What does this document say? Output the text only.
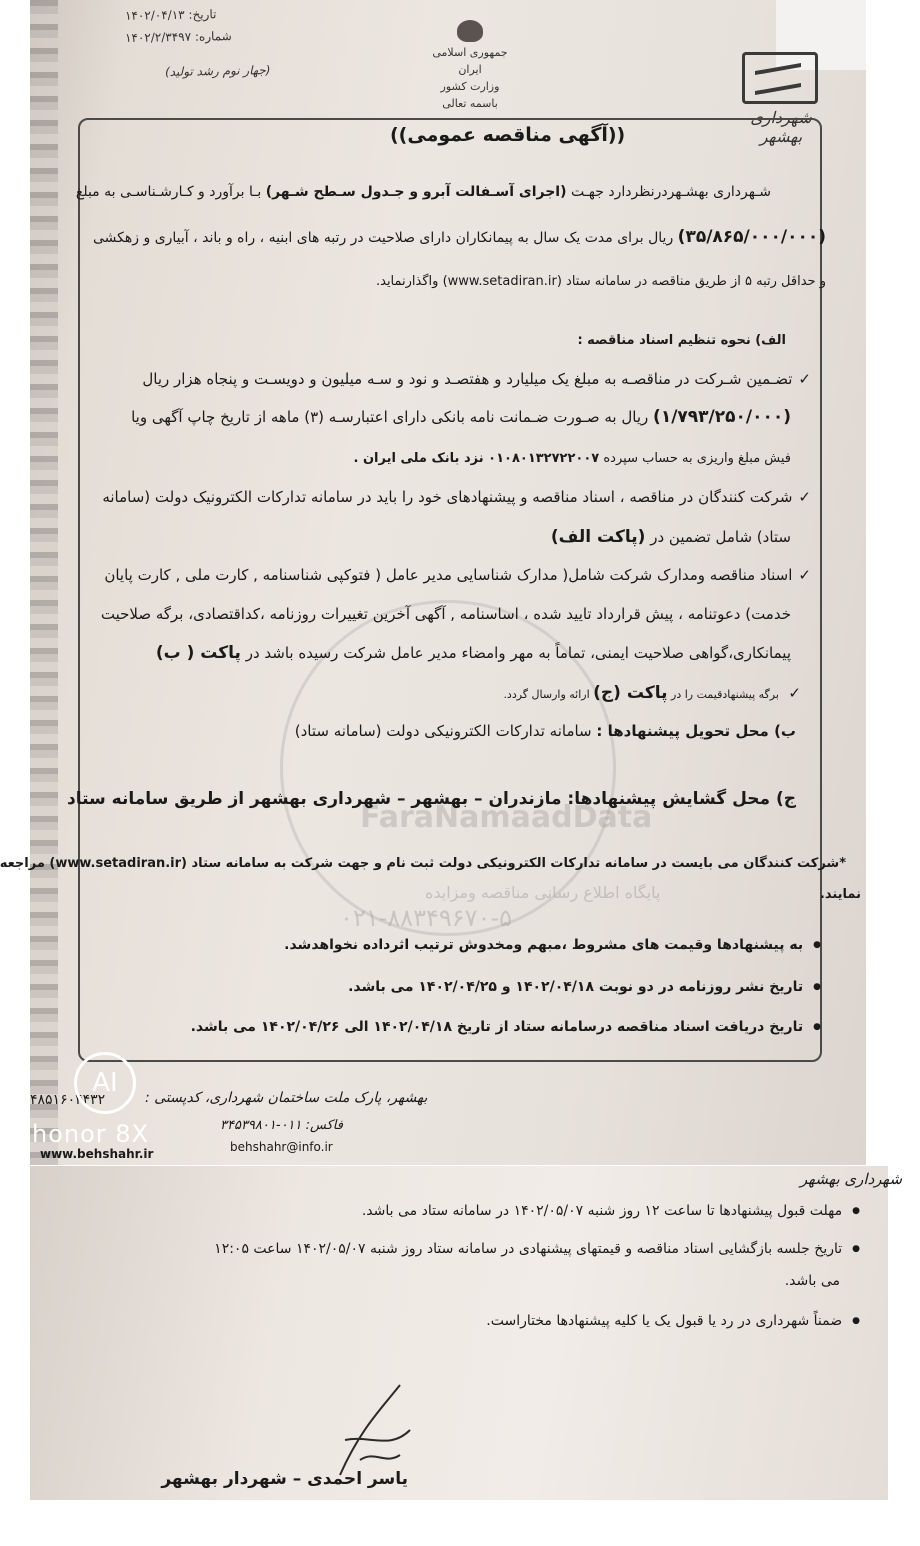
تاریخ: ۱۴۰۲/۰۴/۱۳
شماره: ۱۴۰۲/۲/۳۴۹۷
(جهار نوم رشد تولید)
جمهوری اسلامی ایران
وزارت کشور
باسمه تعالی
شهرداری بهشهر
FaraNamaadData
پایگاه اطلاع رسانی مناقصه ومزایده
۰۲۱-۸۸۳۴۹۶۷۰-۵
((آگهی مناقصه عمومی))
شـهرداری بهشـهردرنظردارد جهـت (اجرای آسـفالت آبرو و جـدول سـطح شـهر) بـا برآورد و کـارشـناسـی به مبلغ
(۳۵/۸۶۵/۰۰۰/۰۰۰) ریال برای مدت یک سال به پیمانکاران دارای صلاحیت در رتبه های ابنیه ، راه و باند ، آبیاری و زهکشی
و حداقل رتبه ۵ از طریق مناقصه در سامانه ستاد (www.setadiran.ir) واگذارنماید.
الف) نحوه تنظیم اسناد مناقصه :
✓ تضـمین شـرکت در مناقصـه به مبلغ یک میلیارد و هفتصـد و نود و سـه میلیون و دویسـت و پنجاه هزار ریال
(۱/۷۹۳/۲۵۰/۰۰۰) ریال به صـورت ضـمانت نامه بانکی دارای اعتبارسـه (۳) ماهه از تاریخ چاپ آگهی ویا
فیش مبلغ واریزی به حساب سپرده ۰۱۰۸۰۱۳۲۷۲۲۰۰۷ نزد بانک ملی ایران .
✓ شرکت کنندگان در مناقصه ، اسناد مناقصه و پیشنهادهای خود را باید در سامانه تدارکات الکترونیک دولت (سامانه
ستاد) شامل تضمین در (پاکت الف)
✓ اسناد مناقصه ومدارک شرکت شامل( مدارک شناسایی مدیر عامل ( فتوکپی شناسنامه , کارت ملی , کارت پایان
خدمت) دعوتنامه ، پیش قرارداد تایید شده ، اساسنامه , آگهی آخرین تغییرات روزنامه ،کداقتصادی، برگه صلاحیت
پیمانکاری،گواهی صلاحیت ایمنی، تماماً به مهر وامضاء مدیر عامل شرکت رسیده باشد در پاکت ( ب)
✓ برگه پیشنهادقیمت را در پاکت (ج) ارائه وارسال گردد.
ب) محل تحویل پیشنهادها : سامانه تدارکات الکترونیکی دولت (سامانه ستاد)
ج) محل گشایش پیشنهادها: مازندران – بهشهر – شهرداری بهشهر از طریق سامانه ستاد
*شرکت کنندگان می بایست در سامانه تدارکات الکترونیکی دولت ثبت نام و جهت شرکت به سامانه ستاد (www.setadiran.ir) مراجعه
نمایند.
● به پیشنهادها وقیمت های مشروط ،مبهم ومخدوش ترتیب اثرداده نخواهدشد.
● تاریخ نشر روزنامه در دو نوبت ۱۴۰۲/۰۴/۱۸ و ۱۴۰۲/۰۴/۲۵ می باشد.
● تاریخ دریافت اسناد مناقصه درسامانه ستاد از تاریخ ۱۴۰۲/۰۴/۱۸ الی ۱۴۰۲/۰۴/۲۶ می باشد.
بهشهر، پارک ملت ساختمان شهرداری، کدپستی :
۴۸۵۱۶۰۴۴۳۲
فاکس: ۰۱۱-۳۴۵۳۹۸۰۱
behshahr@info.ir
www.behshahr.ir
AI
honor 8X
شهرداری بهشهر
● مهلت قبول پیشنهادها تا ساعت ۱۲ روز شنبه ۱۴۰۲/۰۵/۰۷ در سامانه ستاد می باشد.
● تاریخ جلسه بازگشایی اسناد مناقصه و قیمتهای پیشنهادی در سامانه ستاد روز شنبه ۱۴۰۲/۰۵/۰۷ ساعت ۱۲:۰۵
می باشد.
● ضمناً شهرداری در رد یا قبول یک یا کلیه پیشنهادها مختاراست.
یاسر احمدی – شهردار بهشهر
